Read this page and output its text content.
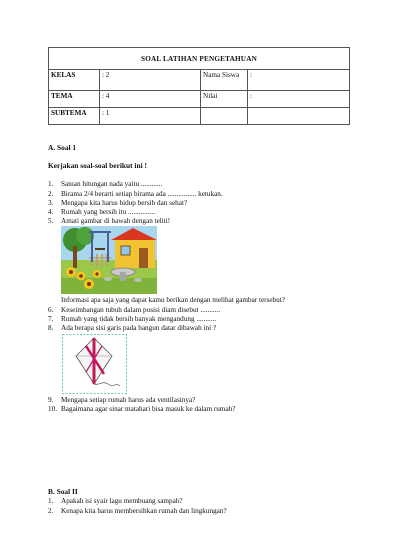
SOAL LATIHAN PENGETAHUAN			
KELAS	: 2	Nama Siswa	:
TEMA	: 4	Nilai	:
SUBTEMA	: 1		
A. Soal 1
Kerjakan soal-soal berikut ini !
1. Satuan hitungan nada yaitu ............
2. Birama 2/4 berarti setiap birama ada ................ ketukan.
3. Mengapa kita harus hidup bersih dan sehat?
4. Rumah yang bersih itu ...............
5. Amati gambar di bawah dengan teliti!
Informasi apa saja yang dapat kamu berikan dengan melihat gambar tersebut?
6. Keseimbangan tubuh dalam posisi diam disebut ...........
7. Rumah yang tidak bersih banyak mengandung ...........
8. Ada berapa sisi garis pada bangun datar dibawah ini ?
9. Mengapa setiap rumah harus ada ventilasinya?
10. Bagaimana agar sinar matahari bisa masuk ke dalam rumah?
B. Soal II
1. Apakah isi syair lagu membuang sampah?
2. Kenapa kita harus membersihkan rumah dan lingkungan?
